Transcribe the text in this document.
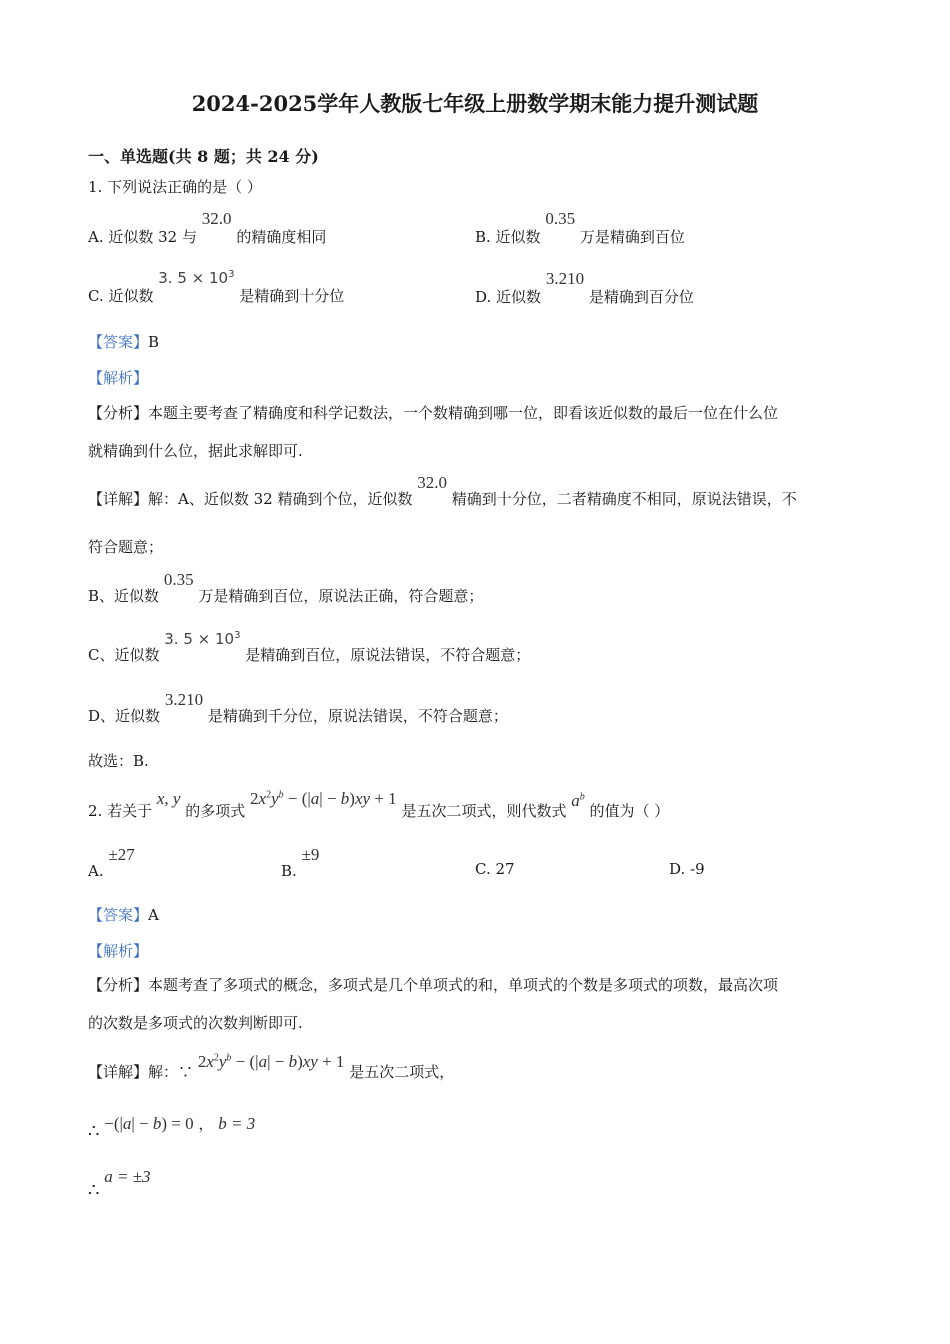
2024-2025学年人教版七年级上册数学期末能力提升测试题
一、单选题(共 8 题；共 24 分)
1. 下列说法正确的是（ ）
A. 近似数 32 与 32.0 的精确度相同	B. 近似数 0.35 万是精确到百位
C. 近似数 3. $5 \times 10^3$ 是精确到十分位	D. 近似数 3.210 是精确到百分位
【答案】B
【解析】
【分析】本题主要考查了精确度和科学记数法，一个数精确到哪一位，即看该近似数的最后一位在什么位
就精确到什么位，据此求解即可.
【详解】解：A、近似数 32 精确到个位，近似数 32.0 精确到十分位，二者精确度不相同，原说法错误，不
符合题意；
B、近似数 0.35 万是精确到百位，原说法正确，符合题意；
C、近似数 3. $5 \times 10^3$ 是精确到百位，原说法错误，不符合题意；
D、近似数 3.210 是精确到千分位，原说法错误，不符合题意；
故选：B.
2. 若关于 x, y 的多项式 $2x^2y^b - (|a| - b)xy + 1$ 是五次二项式，则代数式 $a^b$ 的值为（ ）
A. ±27
B. ±9
C. 27	D. -9
【答案】A
【解析】
【分析】本题考查了多项式的概念，多项式是几个单项式的和，单项式的个数是多项式的项数，最高次项
的次数是多项式的次数判断即可.
【详解】解：∵ $2x^2y^b - (|a| - b)xy + 1$ 是五次二项式，
∴ −(|a| − b) = 0 ， b = 3
∴ a = ±3
